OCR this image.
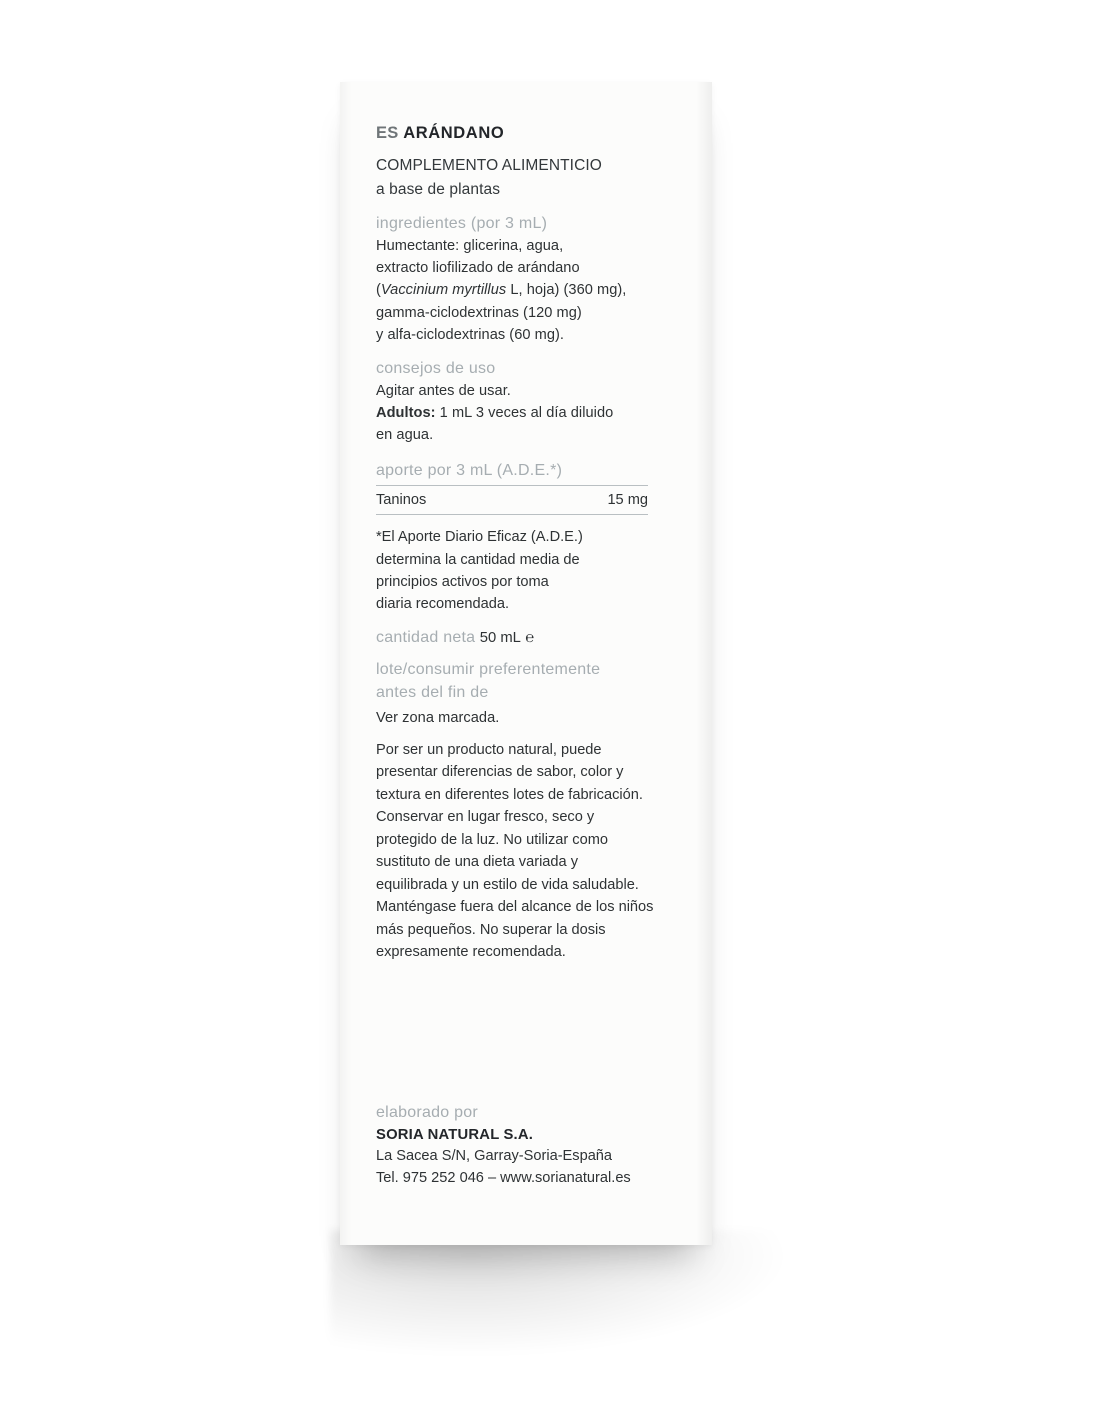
ES ARÁNDANO
COMPLEMENTO ALIMENTICIO
a base de plantas
ingredientes (por 3 mL)
Humectante: glicerina, agua,
extracto liofilizado de arándano
(Vaccinium myrtillus L, hoja) (360 mg),
gamma-ciclodextrinas (120 mg)
y alfa-ciclodextrinas (60 mg).
consejos de uso
Agitar antes de usar.
Adultos: 1 mL 3 veces al día diluido
en agua.
aporte por 3 mL (A.D.E.*)
Taninos	15 mg
*El Aporte Diario Eficaz (A.D.E.)
determina la cantidad media de
principios activos por toma
diaria recomendada.
cantidad neta 50 mL ℮
lote/consumir preferentemente
antes del fin de
Ver zona marcada.
Por ser un producto natural, puede
presentar diferencias de sabor, color y
textura en diferentes lotes de fabricación.
Conservar en lugar fresco, seco y
protegido de la luz. No utilizar como
sustituto de una dieta variada y
equilibrada y un estilo de vida saludable.
Manténgase fuera del alcance de los niños
más pequeños. No superar la dosis
expresamente recomendada.
elaborado por
SORIA NATURAL S.A.
La Sacea S/N, Garray-Soria-España
Tel. 975 252 046 – www.sorianatural.es
